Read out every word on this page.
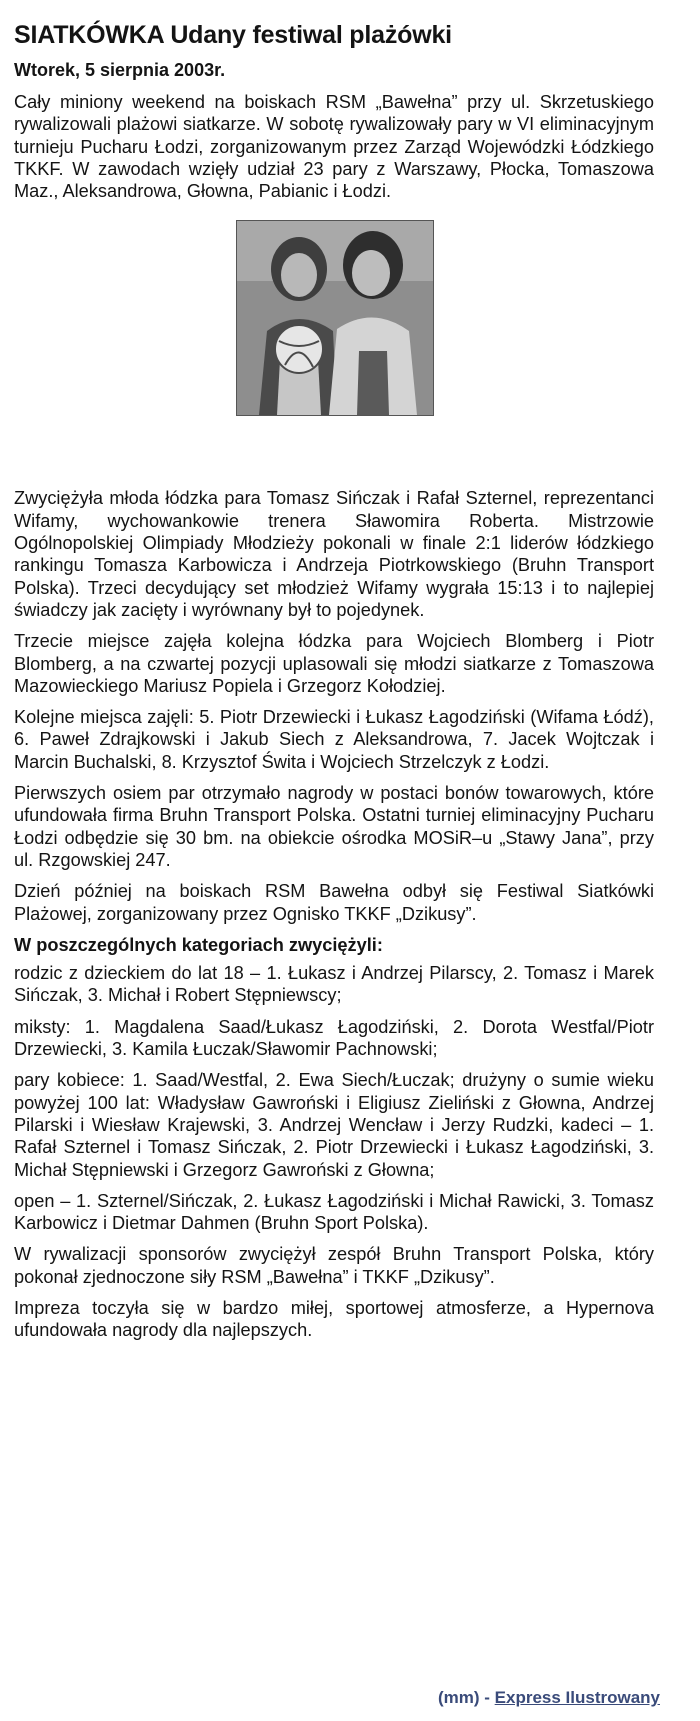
SIATKÓWKA Udany festiwal plażówki
Wtorek, 5 sierpnia 2003r.

Cały miniony weekend na boiskach RSM „Bawełna” przy ul. Skrzetuskiego rywalizowali plażowi siatkarze. W sobotę rywalizowały pary w VI eliminacyjnym turnieju Pucharu Łodzi, zorganizowanym przez Zarząd Wojewódzki Łódzkiego TKKF. W zawodach wzięły udział 23 pary z Warszawy, Płocka, Tomaszowa Maz., Aleksandrowa, Głowna, Pabianic i Łodzi.

Zwyciężyła młoda łódzka para Tomasz Sińczak i Rafał Szternel, reprezentanci Wifamy, wychowankowie trenera Sławomira Roberta. Mistrzowie Ogólnopolskiej Olimpiady Młodzieży pokonali w finale 2:1 liderów łódzkiego rankingu Tomasza Karbowicza i Andrzeja Piotrkowskiego (Bruhn Transport Polska). Trzeci decydujący set młodzież Wifamy wygrała 15:13 i to najlepiej świadczy jak zacięty i wyrównany był to pojedynek.

Trzecie miejsce zajęła kolejna łódzka para Wojciech Blomberg i Piotr Blomberg, a na czwartej pozycji uplasowali się młodzi siatkarze z Tomaszowa Mazowieckiego Mariusz Popiela i Grzegorz Kołodziej.

Kolejne miejsca zajęli: 5. Piotr Drzewiecki i Łukasz Łagodziński (Wifama Łódź), 6. Paweł Zdrajkowski i Jakub Siech z Aleksandrowa, 7. Jacek Wojtczak i Marcin Buchalski, 8. Krzysztof Świta i Wojciech Strzelczyk z Łodzi.

Pierwszych osiem par otrzymało nagrody w postaci bonów towarowych, które ufundowała firma Bruhn Transport Polska. Ostatni turniej eliminacyjny Pucharu Łodzi odbędzie się 30 bm. na obiekcie ośrodka MOSiR–u „Stawy Jana”, przy ul. Rzgowskiej 247.

Dzień później na boiskach RSM Bawełna odbył się Festiwal Siatkówki Plażowej, zorganizowany przez Ognisko TKKF „Dzikusy”.

W poszczególnych kategoriach zwyciężyli:

rodzic z dzieckiem do lat 18 – 1. Łukasz i Andrzej Pilarscy, 2. Tomasz i Marek Sińczak, 3. Michał i Robert Stępniewscy;

miksty: 1. Magdalena Saad/Łukasz Łagodziński, 2. Dorota Westfal/Piotr Drzewiecki, 3. Kamila Łuczak/Sławomir Pachnowski;

pary kobiece: 1. Saad/Westfal, 2. Ewa Siech/Łuczak; drużyny o sumie wieku powyżej 100 lat: Władysław Gawroński i Eligiusz Zieliński z Głowna, Andrzej Pilarski i Wiesław Krajewski, 3. Andrzej Wencław i Jerzy Rudzki, kadeci – 1. Rafał Szternel i Tomasz Sińczak, 2. Piotr Drzewiecki i Łukasz Łagodziński, 3. Michał Stępniewski i Grzegorz Gawroński z Głowna;

open – 1. Szternel/Sińczak, 2. Łukasz Łagodziński i Michał Rawicki, 3. Tomasz Karbowicz i Dietmar Dahmen (Bruhn Sport Polska).

W rywalizacji sponsorów zwyciężył zespół Bruhn Transport Polska, który pokonał zjednoczone siły RSM „Bawełna” i TKKF „Dzikusy”.

Impreza toczyła się w bardzo miłej, sportowej atmosferze, a Hypernova ufundowała nagrody dla najlepszych.

(mm) - Express Ilustrowany
